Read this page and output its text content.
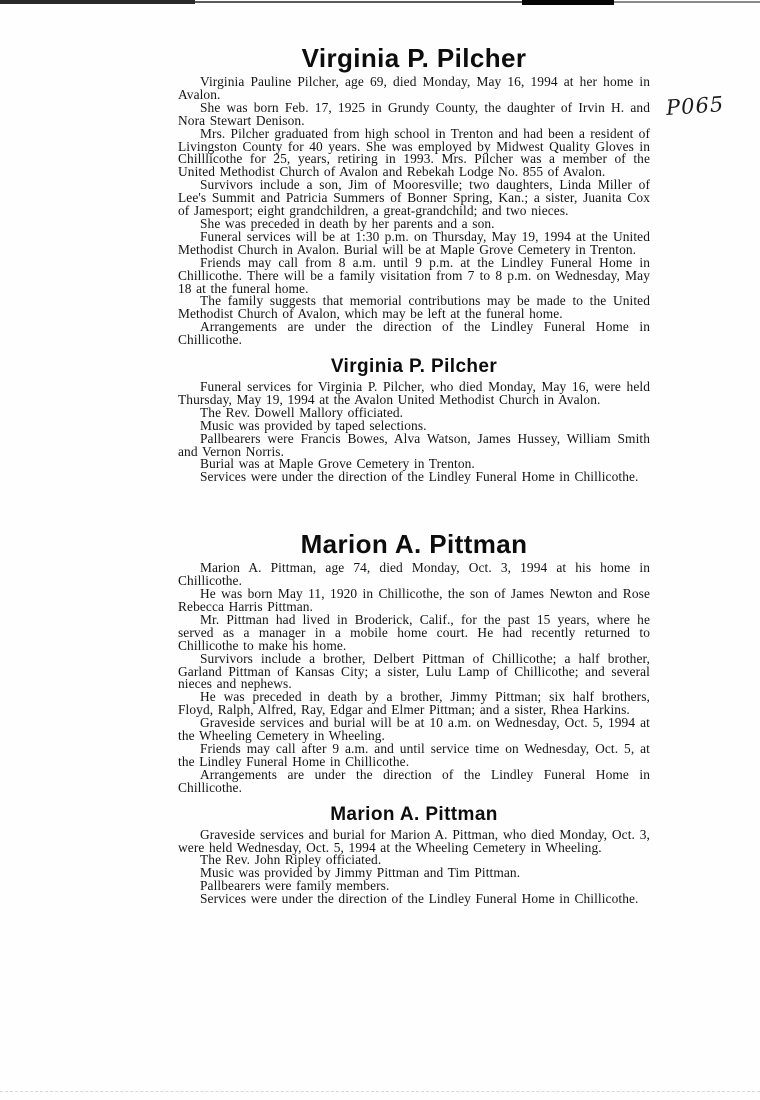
P065
Virginia P. Pilcher

Virginia Pauline Pilcher, age 69, died Monday, May 16, 1994 at her home in Avalon.

She was born Feb. 17, 1925 in Grundy County, the daughter of Irvin H. and Nora Stewart Denison.

Mrs. Pilcher graduated from high school in Trenton and had been a resident of Livingston County for 40 years. She was employed by Midwest Quality Gloves in Chilllicothe for 25, years, retiring in 1993. Mrs. Pilcher was a member of the United Methodist Church of Avalon and Rebekah Lodge No. 855 of Avalon.

Survivors include a son, Jim of Mooresville; two daughters, Linda Miller of Lee's Summit and Patricia Summers of Bonner Spring, Kan.; a sister, Juanita Cox of Jamesport; eight grandchildren, a great-grandchild; and two nieces.

She was preceded in death by her parents and a son.

Funeral services will be at 1:30 p.m. on Thursday, May 19, 1994 at the United Methodist Church in Avalon. Burial will be at Maple Grove Cemetery in Trenton.

Friends may call from 8 a.m. until 9 p.m. at the Lindley Funeral Home in Chillicothe. There will be a family visitation from 7 to 8 p.m. on Wednesday, May 18 at the funeral home.

The family suggests that memorial contributions may be made to the United Methodist Church of Avalon, which may be left at the funeral home.

Arrangements are under the direction of the Lindley Funeral Home in Chillicothe.

Virginia P. Pilcher

Funeral services for Virginia P. Pilcher, who died Monday, May 16, were held Thursday, May 19, 1994 at the Avalon United Methodist Church in Avalon.

The Rev. Dowell Mallory officiated.

Music was provided by taped selections.

Pallbearers were Francis Bowes, Alva Watson, James Hussey, William Smith and Vernon Norris.

Burial was at Maple Grove Cemetery in Trenton.

Services were under the direction of the Lindley Funeral Home in Chillicothe.

Marion A. Pittman

Marion A. Pittman, age 74, died Monday, Oct. 3, 1994 at his home in Chillicothe.

He was born May 11, 1920 in Chillicothe, the son of James Newton and Rose Rebecca Harris Pittman.

Mr. Pittman had lived in Broderick, Calif., for the past 15 years, where he served as a manager in a mobile home court. He had recently returned to Chillicothe to make his home.

Survivors include a brother, Delbert Pittman of Chillicothe; a half brother, Garland Pittman of Kansas City; a sister, Lulu Lamp of Chillicothe; and several nieces and nephews.

He was preceded in death by a brother, Jimmy Pittman; six half brothers, Floyd, Ralph, Alfred, Ray, Edgar and Elmer Pittman; and a sister, Rhea Harkins.

Graveside services and burial will be at 10 a.m. on Wednesday, Oct. 5, 1994 at the Wheeling Cemetery in Wheeling.

Friends may call after 9 a.m. and until service time on Wednesday, Oct. 5, at the Lindley Funeral Home in Chillicothe.

Arrangements are under the direction of the Lindley Funeral Home in Chillicothe.

Marion A. Pittman

Graveside services and burial for Marion A. Pittman, who died Monday, Oct. 3, were held Wednesday, Oct. 5, 1994 at the Wheeling Cemetery in Wheeling.

The Rev. John Ripley officiated.

Music was provided by Jimmy Pittman and Tim Pittman.

Pallbearers were family members.

Services were under the direction of the Lindley Funeral Home in Chillicothe.
